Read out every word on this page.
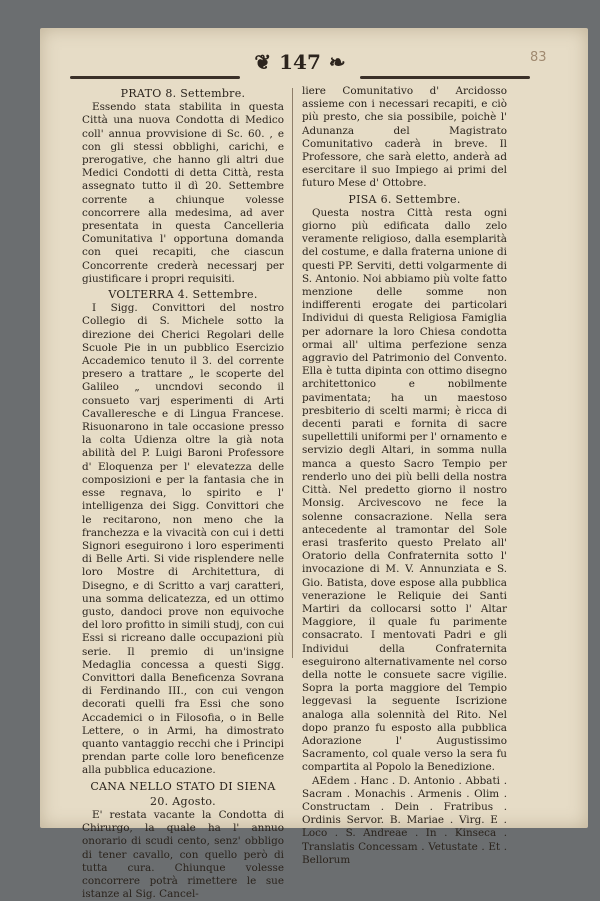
❦ 147 ❧	83
PRATO 8. Settembre.

Essendo stata stabilita in questa Città una nuova Condotta di Medico coll' annua provvisione di Sc. 60. , e con gli stessi obblighi, carichi, e prerogative, che hanno gli altri due Medici Condotti di detta Città, resta assegnato tutto il dì 20. Settembre corrente a chiunque volesse concorrere alla medesima, ad aver presentata in questa Cancelleria Comunitativa l' opportuna domanda con quei recapiti, che ciascun Concorrente crederà necessarj per giustificare i propri requisiti.

VOLTERRA 4. Settembre.

I Sigg. Convittori del nostro Collegio di S. Michele sotto la direzione dei Cherici Regolari delle Scuole Pie in un pubblico Esercizio Accademico tenuto il 3. del corrente presero a trattare „ le scoperte del Galileo „ uncndovi secondo il consueto varj esperimenti di Arti Cavalleresche e di Lingua Francese. Risuonarono in tale occasione presso la colta Udienza oltre la già nota abilità del P. Luigi Baroni Professore d' Eloquenza per l' elevatezza delle composizioni e per la fantasia che in esse regnava, lo spirito e l' intelligenza dei Sigg. Convittori che le recitarono, non meno che la franchezza e la vivacità con cui i detti Signori eseguirono i loro esperimenti di Belle Arti. Si vide risplendere nelle loro Mostre di Architettura, di Disegno, e di Scritto a varj caratteri, una somma delicatezza, ed un ottimo gusto, dandoci prove non equivoche del loro profitto in simili studj, con cui Essi si ricreano dalle occupazioni più serie. Il premio di un'insigne Medaglia concessa a questi Sigg. Convittori dalla Beneficenza Sovrana di Ferdinando III., con cui vengon decorati quelli fra Essi che sono Accademici o in Filosofia, o in Belle Lettere, o in Armi, ha dimostrato quanto vantaggio recchi che i Principi prendan parte colle loro beneficenze alla pubblica educazione.

CANA NELLO STATO DI SIENA
20. Agosto.

E' restata vacante la Condotta di Chirurgo, la quale ha l' annuo onorario di scudi cento, senz' obbligo di tener cavallo, con quello però di tutta cura. Chiunque volesse concorrere potrà rimettere le sue istanze al Sig. Cancel-

liere Comunitativo d' Arcidosso assieme con i necessari recapiti, e ciò più presto, che sia possibile, poichè l' Adunanza del Magistrato Comunitativo caderà in breve. Il Professore, che sarà eletto, anderà ad esercitare il suo Impiego ai primi del futuro Mese d' Ottobre.

PISA 6. Settembre.

Questa nostra Città resta ogni giorno più edificata dallo zelo veramente religioso, dalla esemplarità del costume, e dalla fraterna unione di questi PP. Serviti, detti volgarmente di S. Antonio. Noi abbiamo più volte fatto menzione delle somme non indifferenti erogate dei particolari Individui di questa Religiosa Famiglia per adornare la loro Chiesa condotta ormai all' ultima perfezione senza aggravio del Patrimonio del Convento. Ella è tutta dipinta con ottimo disegno architettonico e nobilmente pavimentata; ha un maestoso presbiterio di scelti marmi; è ricca di decenti parati e fornita di sacre supellettili uniformi per l' ornamento e servizio degli Altari, in somma nulla manca a questo Sacro Tempio per renderlo uno dei più belli della nostra Città. Nel predetto giorno il nostro Monsig. Arcivescovo ne fece la solenne consacrazione. Nella sera antecedente al tramontar del Sole erasi trasferito questo Prelato all' Oratorio della Confraternita sotto l' invocazione di M. V. Annunziata e S. Gio. Batista, dove espose alla pubblica venerazione le Reliquie dei Santi Martiri da collocarsi sotto l' Altar Maggiore, il quale fu parimente consacrato. I mentovati Padri e gli Individui della Confraternita eseguirono alternativamente nel corso della notte le consuete sacre vigilie. Sopra la porta maggiore del Tempio leggevasi la seguente Iscrizione analoga alla solennità del Rito. Nel dopo pranzo fu esposto alla pubblica Adorazione l' Augustissimo Sacramento, col quale verso la sera fu compartita al Popolo la Benedizione.

AEdem . Hanc . D. Antonio . Abbati . Sacram . Monachis . Armenis . Olim . Constructam . Dein . Fratribus . Ordinis Servor. B. Mariae . Virg. E . Loco . S. Andreae . In . Kinseca . Translatis Concessam . Vetustate . Et . Bellorum
